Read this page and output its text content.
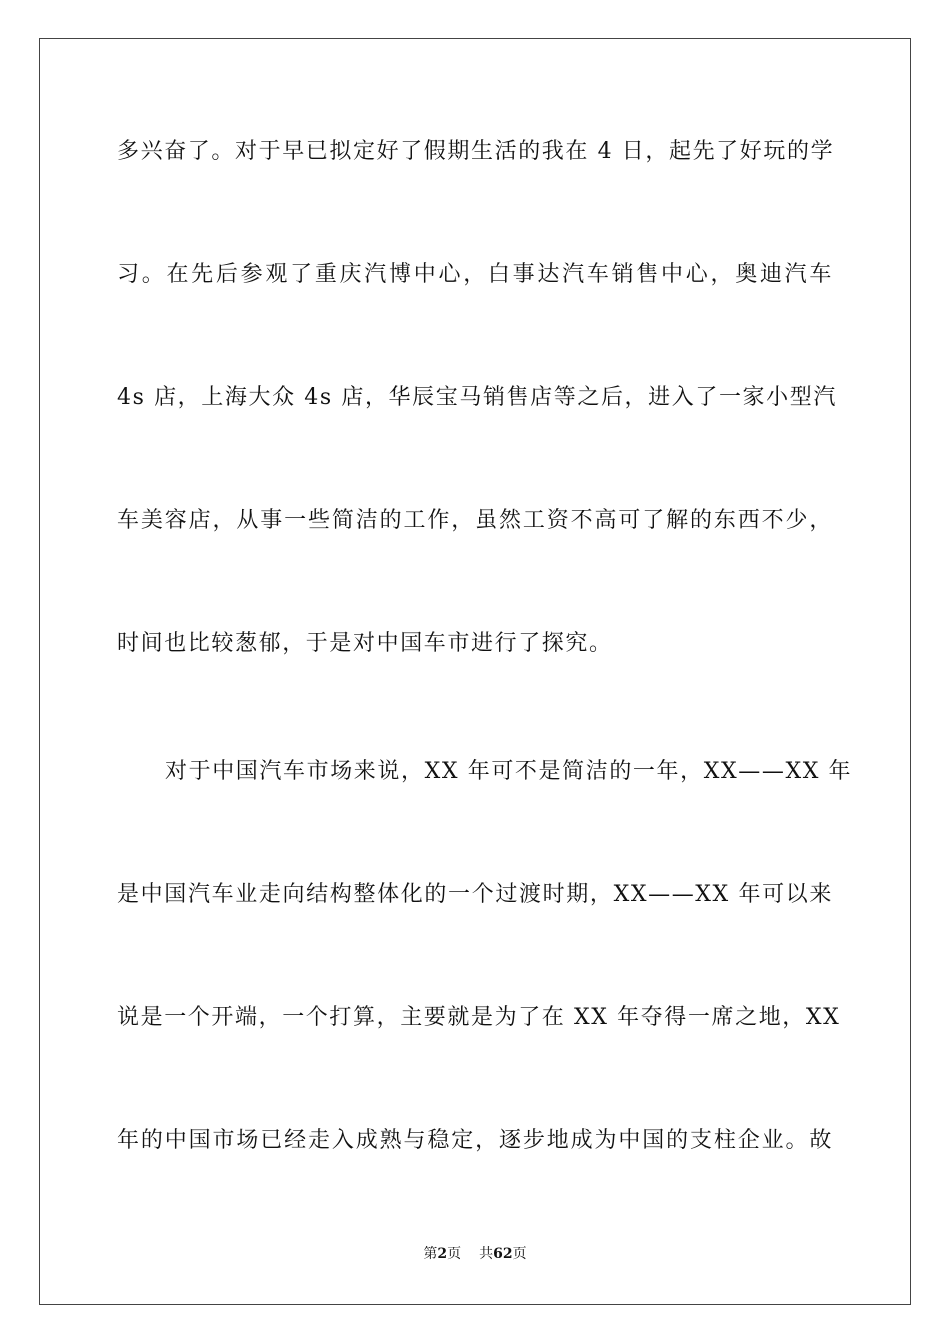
多兴奋了。对于早已拟定好了假期生活的我在 4 日，起先了好玩的学
习。在先后参观了重庆汽博中心，白事达汽车销售中心，奥迪汽车
4s 店，上海大众 4s 店，华辰宝马销售店等之后，进入了一家小型汽
车美容店，从事一些简洁的工作，虽然工资不高可了解的东西不少，
时间也比较葱郁，于是对中国车市进行了探究。
对于中国汽车市场来说，XX 年可不是简洁的一年，XX——XX 年
是中国汽车业走向结构整体化的一个过渡时期，XX——XX 年可以来
说是一个开端，一个打算，主要就是为了在 XX 年夺得一席之地，XX
年的中国市场已经走入成熟与稳定，逐步地成为中国的支柱企业。故
第2页 共62页
